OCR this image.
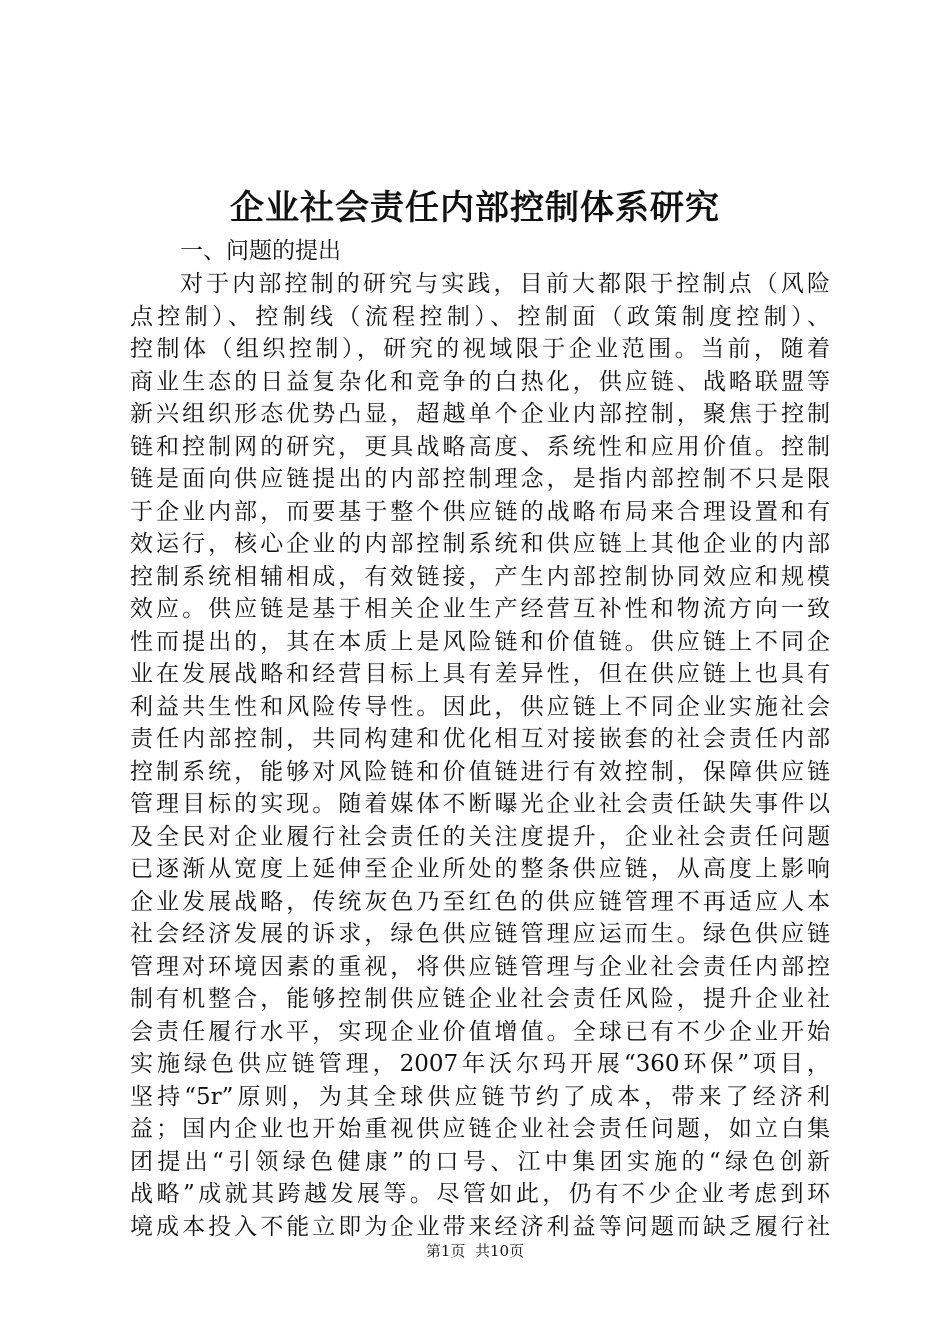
企业社会责任内部控制体系研究

一、问题的提出

对于内部控制的研究与实践，目前大都限于控制点（风险
点控制）、控制线（流程控制）、控制面（政策制度控制）、
控制体（组织控制），研究的视域限于企业范围。当前，随着
商业生态的日益复杂化和竞争的白热化，供应链、战略联盟等
新兴组织形态优势凸显，超越单个企业内部控制，聚焦于控制
链和控制网的研究，更具战略高度、系统性和应用价值。控制
链是面向供应链提出的内部控制理念，是指内部控制不只是限
于企业内部，而要基于整个供应链的战略布局来合理设置和有
效运行，核心企业的内部控制系统和供应链上其他企业的内部
控制系统相辅相成，有效链接，产生内部控制协同效应和规模
效应。供应链是基于相关企业生产经营互补性和物流方向一致
性而提出的，其在本质上是风险链和价值链。供应链上不同企
业在发展战略和经营目标上具有差异性，但在供应链上也具有
利益共生性和风险传导性。因此，供应链上不同企业实施社会
责任内部控制，共同构建和优化相互对接嵌套的社会责任内部
控制系统，能够对风险链和价值链进行有效控制，保障供应链
管理目标的实现。随着媒体不断曝光企业社会责任缺失事件以
及全民对企业履行社会责任的关注度提升，企业社会责任问题
已逐渐从宽度上延伸至企业所处的整条供应链，从高度上影响
企业发展战略，传统灰色乃至红色的供应链管理不再适应人本
社会经济发展的诉求，绿色供应链管理应运而生。绿色供应链
管理对环境因素的重视，将供应链管理与企业社会责任内部控
制有机整合，能够控制供应链企业社会责任风险，提升企业社
会责任履行水平，实现企业价值增值。全球已有不少企业开始
实施绿色供应链管理，2007年沃尔玛开展“360环保”项目，
坚持“5r”原则，为其全球供应链节约了成本，带来了经济利
益；国内企业也开始重视供应链企业社会责任问题，如立白集
团提出“引领绿色健康”的口号、江中集团实施的“绿色创新
战略”成就其跨越发展等。尽管如此，仍有不少企业考虑到环
境成本投入不能立即为企业带来经济利益等问题而缺乏履行社
第1页  共10页
